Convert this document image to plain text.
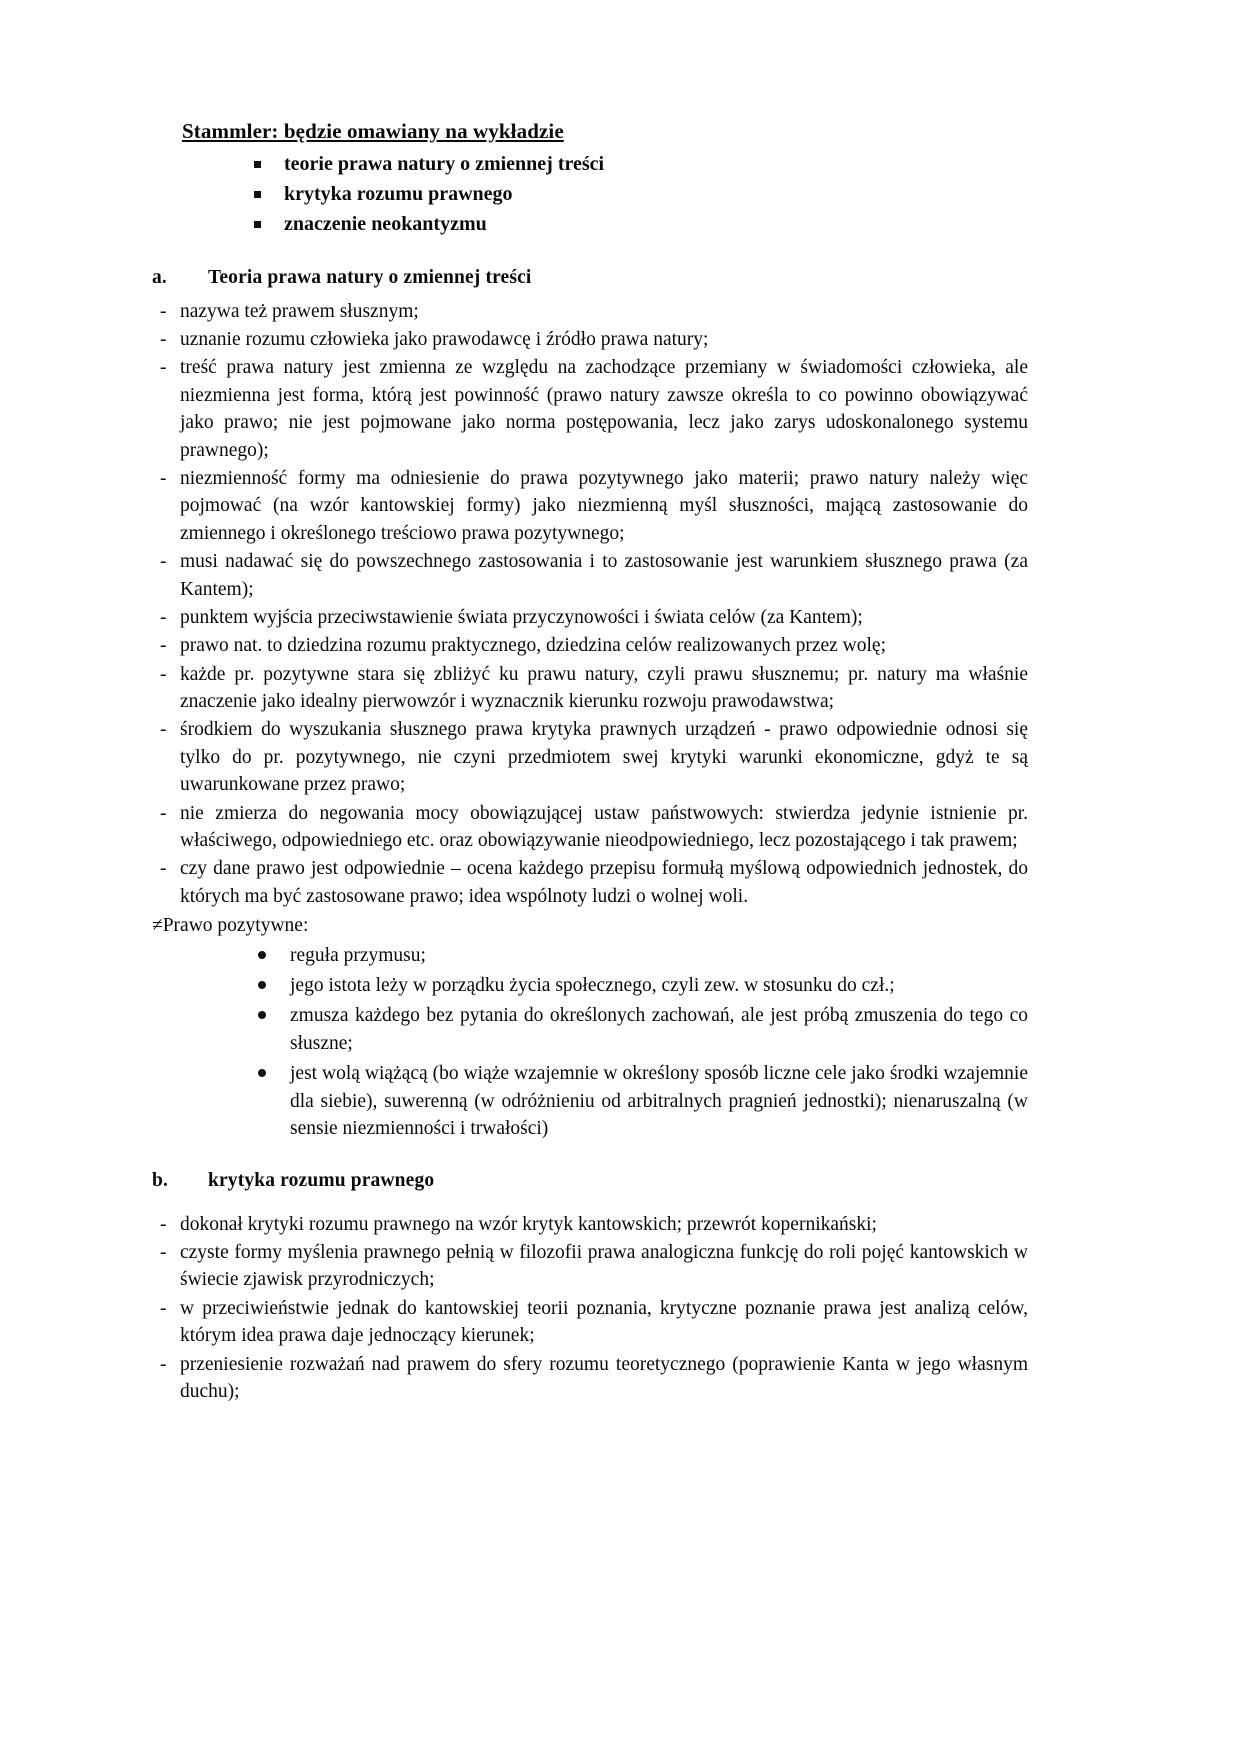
Stammler: będzie omawiany na wykładzie
teorie prawa natury o zmiennej treści
krytyka rozumu prawnego
znaczenie neokantyzmu
a.	Teoria prawa natury o zmiennej treści
- nazywa też prawem słusznym;
- uznanie rozumu człowieka jako prawodawcę i źródło prawa natury;
- treść prawa natury jest zmienna ze względu na zachodzące przemiany w świadomości człowieka, ale niezmienna jest forma, którą jest powinność (prawo natury zawsze określa to co powinno obowiązywać jako prawo; nie jest pojmowane jako norma postępowania, lecz jako zarys udoskonalonego systemu prawnego);
- niezmienność formy ma odniesienie do prawa pozytywnego jako materii; prawo natury należy więc pojmować (na wzór kantowskiej formy) jako niezmienną myśl słuszności, mającą zastosowanie do zmiennego i określonego treściowo prawa pozytywnego;
- musi nadawać się do powszechnego zastosowania i to zastosowanie jest warunkiem słusznego prawa (za Kantem);
- punktem wyjścia przeciwstawienie świata przyczynowości i świata celów (za Kantem);
- prawo nat. to dziedzina rozumu praktycznego, dziedzina celów realizowanych przez wolę;
- każde pr. pozytywne stara się zbliżyć ku prawu natury, czyli prawu słusznemu; pr. natury ma właśnie znaczenie jako idealny pierwowzór i wyznacznik kierunku rozwoju prawodawstwa;
- środkiem do wyszukania słusznego prawa krytyka prawnych urządzeń - prawo odpowiednie odnosi się tylko do pr. pozytywnego, nie czyni przedmiotem swej krytyki warunki ekonomiczne, gdyż te są uwarunkowane przez prawo;
- nie zmierza do negowania mocy obowiązującej ustaw państwowych: stwierdza jedynie istnienie pr. właściwego, odpowiedniego etc. oraz obowiązywanie nieodpowiedniego, lecz pozostającego i tak prawem;
- czy dane prawo jest odpowiednie – ocena każdego przepisu formułą myślową odpowiednich jednostek, do których ma być zastosowane prawo; idea wspólnoty ludzi o wolnej woli.
≠Prawo pozytywne:
reguła przymusu;
jego istota leży w porządku życia społecznego, czyli zew. w stosunku do czł.;
zmusza każdego bez pytania do określonych zachowań, ale jest próbą zmuszenia do tego co słuszne;
jest wolą wiążącą (bo wiąże wzajemnie w określony sposób liczne cele jako środki wzajemnie dla siebie), suwerenną (w odróżnieniu od arbitralnych pragnień jednostki); nienaruszalną (w sensie niezmienności i trwałości)
b.	krytyka rozumu prawnego
- dokonał krytyki rozumu prawnego na wzór krytyk kantowskich; przewrót kopernikański;
- czyste formy myślenia prawnego pełnią w filozofii prawa analogiczna funkcję do roli pojęć kantowskich w świecie zjawisk przyrodniczych;
- w przeciwieństwie jednak do kantowskiej teorii poznania, krytyczne poznanie prawa jest analizą celów, którym idea prawa daje jednoczący kierunek;
- przeniesienie rozważań nad prawem do sfery rozumu teoretycznego (poprawienie Kanta w jego własnym duchu);
